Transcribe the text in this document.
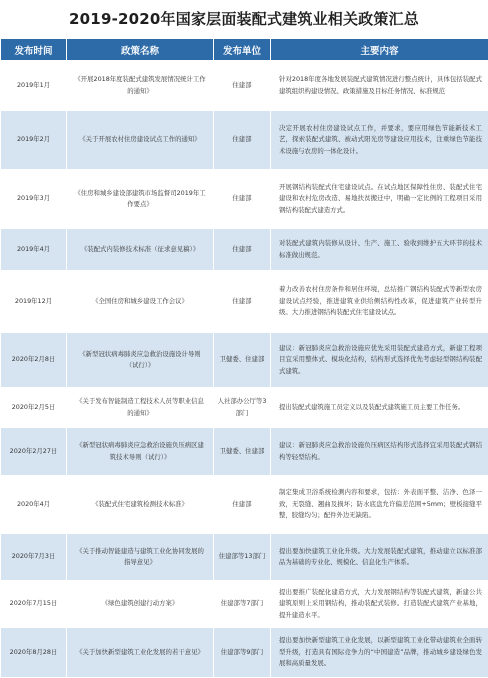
2019-2020年国家层面装配式建筑业相关政策汇总
发布时间	政策名称	发布单位	主要内容
2019年1月	《开展2018年度装配式建筑发展情况统计工作的通知》	住建部	针对2018年度各地发展装配式建筑情况进行整点统计，具体包括装配式建筑组织构建设情况、政策措施及目标任务情况、标准规范
2019年2月	《关于开展农村住房建设试点工作的通知》	住建部	决定开展农村住房建设试点工作，并要求，要应用绿色节能新技术工艺，探索装配式建筑、被动式阳光房等建设应用技术，注重绿色节能技术设施与农房的一体化设计。
2019年3月	《住房和城乡建设部建筑市场监督司2019年工作要点》	住建部	开展钢结构装配式住宅建设试点。在试点地区保障性住房、装配式住宅建设和农村危房改造、易地扶贫搬迁中，明确一定比例的工程项目采用钢结构装配式建造方式。
2019年4月	《装配式内装修技术标准（征求意见稿）》	住建部	对装配式建筑内装修从设计、生产、施工、验收到维护五大环节的技术标准做出规范。
2019年12月	《全国住房和城乡建设工作会议》	住建部	着力改善农村住房条件和居住环境，总结推广钢结构装配式等新型农房建设试点经验，推进建筑业供给侧结构性改革，促进建筑产业转型升级。大力推进钢结构装配式住宅建设试点。
2020年2月8日	《新型冠状病毒肺炎应急救治设施设计导则（试行）》	卫健委、住建部	建议：新冠肺炎应急救治设施应优先采用装配式建造方式，新建工程项目宜采用整体式、模块化结构，结构形式选择优先考虑轻型钢结构装配式建筑。
2020年2月5日	《关于发布智能制造工程技术人员等职业信息的通知》	人社部办公厅等3部门	提出装配式建筑施工员定义以及装配式建筑施工员主要工作任务。
2020年2月27日	《新型冠状病毒肺炎应急救治设施负压病区建筑技术导则（试行）》	卫健委、住建部	建议：新冠肺炎应急救治设施负压病区结构形式选择宜采用装配式钢结构等轻型结构。
2020年4月	《装配式住宅建筑检测技术标准》	住建部	制定集成卫浴系统检测内容和要求，包括：外表面平整、洁净、色泽一致，无裂缝、翘曲及损坏；防水底盘允许偏差范围+5mm；壁板接缝平整，胶缝均匀；配件外边无缺陷。
2020年7月3日	《关于推动智能建造与建筑工业化协同发展的指导意见》	住建部等13部门	提出要加快建筑工业化升级。大力发展装配式建筑，推动建立以标准部品为基础的专业化、规模化、信息化生产体系。
2020年7月15日	《绿色建筑创建行动方案》	住建部等7部门	提出要推广装配化建造方式，大力发展钢结构等装配式建筑，新建公共建筑原则上采用钢结构，推动装配式装修。打造装配式建筑产业基地，提升建造水平。
2020年8月28日	《关于加快新型建筑工业化发展的若干意见》	住建部等9部门	提出要加快新型建筑工业化发展，以新型建筑工业化带动建筑业全面转型升级，打造具有国际竞争力的“中国建造”品牌，推动城乡建设绿色发展和高质量发展。
